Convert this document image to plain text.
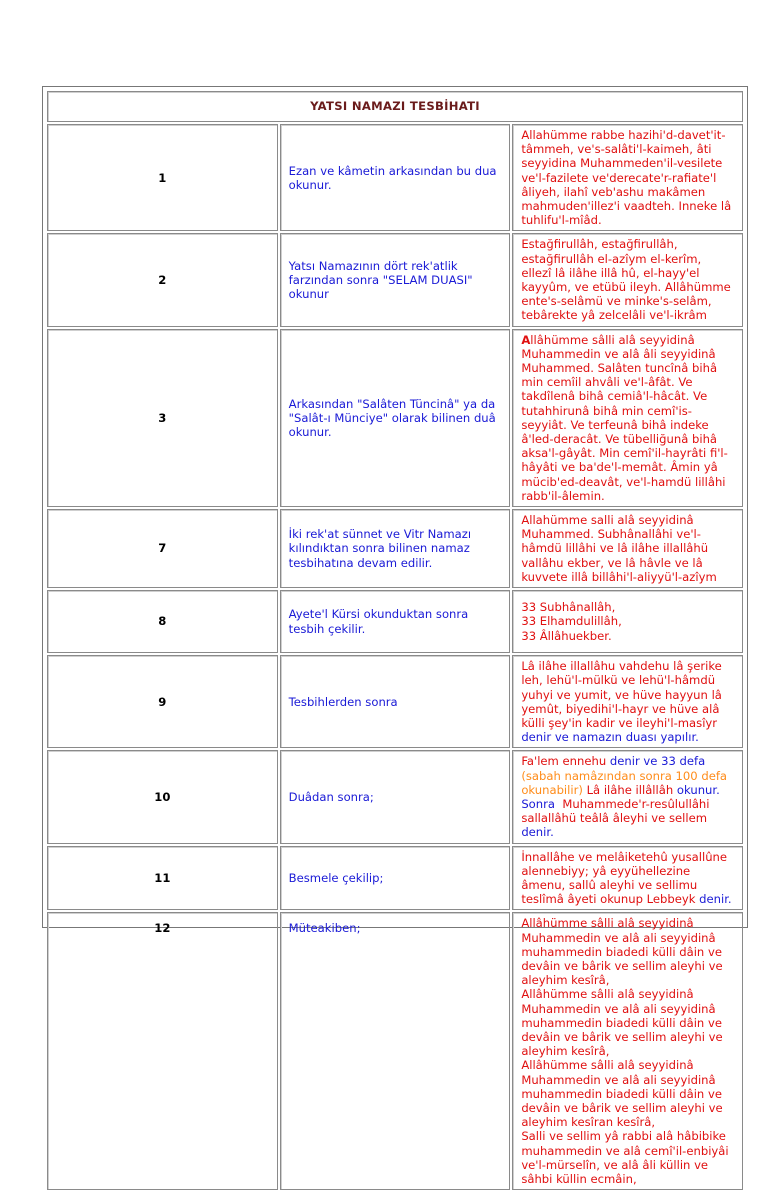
YATSI NAMAZI TESBİHATI		
1	Ezan ve kâmetin arkasından bu dua okunur.	Allahümme rabbe hazihi'd-davet'it-tâmmeh, ve's-salâti'l-kaimeh, âti seyyidina Muhammeden'il-vesilete ve'l-fazilete ve'derecate'r-rafiate'l âliyeh, ilahî veb'ashu makâmen mahmuden'illez'i vaadteh. Inneke lâ tuhlifu'l-mîâd.
2	Yatsı Namazının dört rek'atlik farzından sonra "SELAM DUASI" okunur	Estağfirullâh, estağfirullâh, estağfirullâh el-azîym el-kerîm, ellezî lâ ilâhe illâ hû, el-hayy'el kayyûm, ve etübü ileyh. Allâhümme ente's-selâmü ve minke's-selâm, tebârekte yâ zelcelâli ve'l-ikrâm
3	Arkasından "Salâten Tüncinâ" ya da "Salât-ı Münciye" olarak bilinen duâ okunur.	Allâhümme sâlli alâ seyyidinâ Muhammedin ve alâ âli seyyidinâ Muhammed. Salâten tuncînâ bihâ min cemîil ahvâli ve'l-âfât. Ve takdîlenâ bihâ cemiâ'l-hâcât. Ve tutahhirunâ bihâ min cemî'is-seyyiât. Ve terfeunâ bihâ indeke â'led-deracât. Ve tübelliğunâ bihâ aksa'l-gâyât. Min cemî'il-hayrâti fi'l-hâyâti ve ba'de'l-memât. Âmin yâ mücib'ed-deavât, ve'l-hamdü lillâhi rabb'il-âlemin.
7	İki rek'at sünnet ve Vitr Namazı kılındıktan sonra bilinen namaz tesbihatına devam edilir.	Allahümme salli alâ seyyidinâ Muhammed. Subhânallâhi ve'l-hâmdü lillâhi ve lâ ilâhe illallâhü vallâhu ekber, ve lâ hâvle ve lâ kuvvete illâ billâhi'l-aliyyü'l-azîym
8	Ayete'l Kürsi okunduktan sonra tesbih çekilir.	33 Subhânallâh,
33 Elhamdulillâh,
33 Âllâhuekber.

9	Tesbihlerden sonra	Lâ ilâhe illallâhu vahdehu lâ şerike leh, lehü'l-mülkü ve lehü'l-hâmdü yuhyi ve yumit, ve hüve hayyun lâ yemût, biyedihi'l-hayr ve hüve alâ külli şey'in kadir ve ileyhi'l-masîyr denir ve namazın duası yapılır.
10	Duâdan sonra;	Fa'lem ennehu denir ve 33 defa (sabah namâzından sonra 100 defa okunabilir) Lâ ilâhe illâllâh okunur. Sonra Muhammede'r-resûlullâhi sallallâhü teâlâ âleyhi ve sellem denir.
11	Besmele çekilip;	İnnallâhe ve melâiketehû yusallûne alennebiyy; yâ eyyühellezine âmenu, sallû aleyhi ve sellimu teslîmâ âyeti okunup Lebbeyk denir.
12	Müteakiben;	Allâhümme sâlli alâ seyyidinâ Muhammedin ve alâ ali seyyidinâ muhammedin biadedi külli dâin ve devâin ve bârik ve sellim aleyhi ve aleyhim kesîrâ,
Allâhümme sâlli alâ seyyidinâ Muhammedin ve alâ ali seyyidinâ muhammedin biadedi külli dâin ve devâin ve bârik ve sellim aleyhi ve aleyhim kesîrâ,
Allâhümme sâlli alâ seyyidinâ Muhammedin ve alâ ali seyyidinâ muhammedin biadedi külli dâin ve devâin ve bârik ve sellim aleyhi ve aleyhim kesîran kesîrâ,
Salli ve sellim yâ rabbi alâ hâbibike muhammedin ve alâ cemî'il-enbiyâi ve'l-mürselîn, ve alâ âli küllin ve sâhbi küllin ecmâin,
